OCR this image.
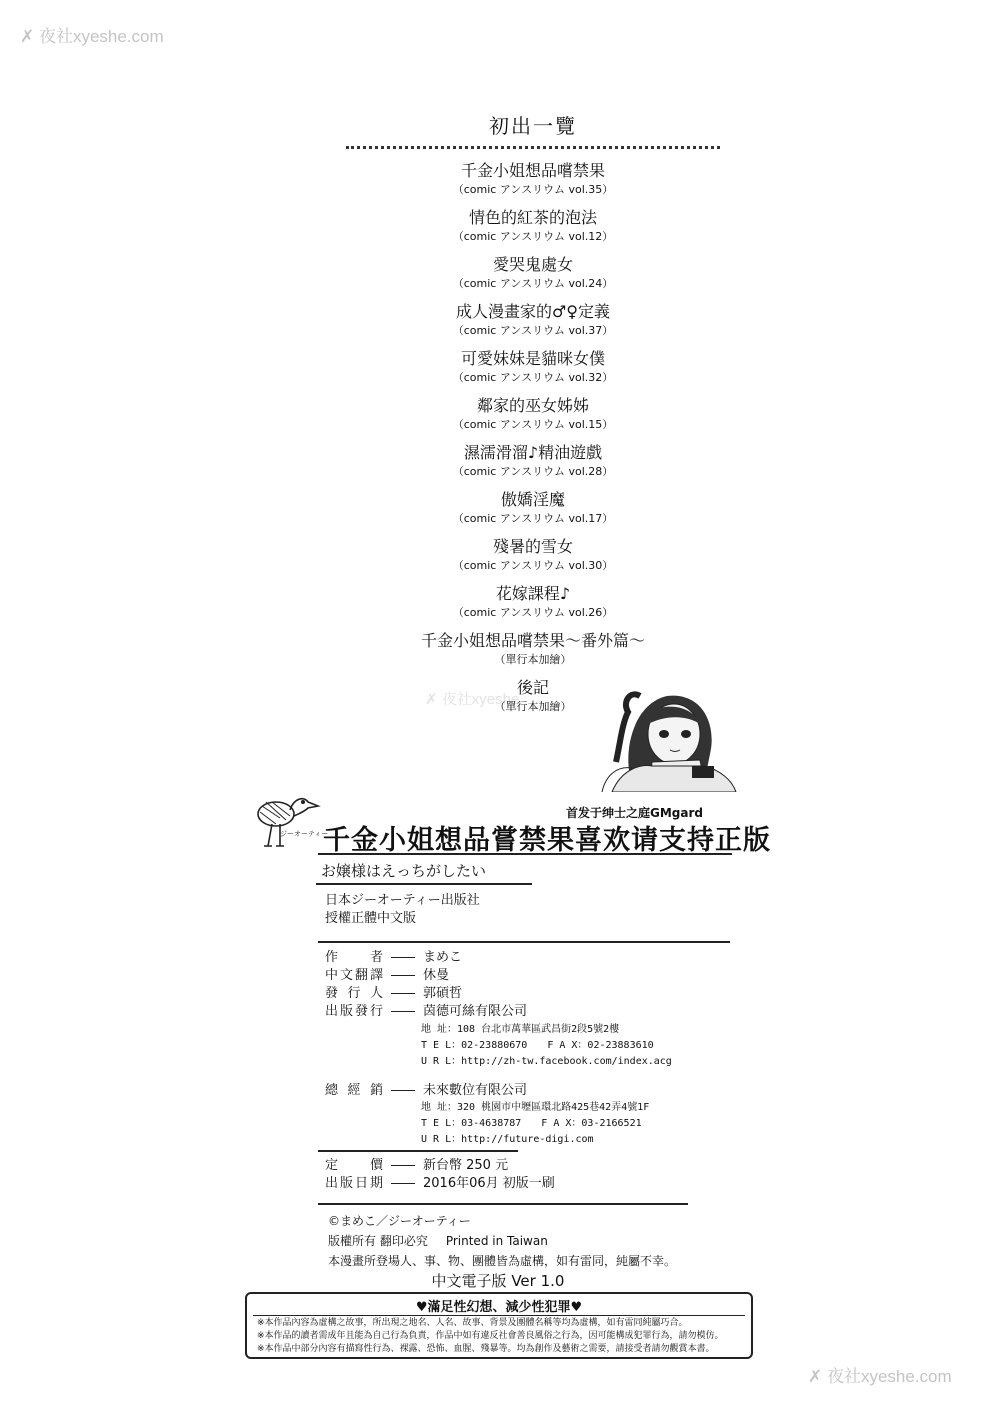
✗ 夜社xyeshe.com
✗ 夜社xyeshe.com
✗ 夜社xyeshe
初出一覽
千金小姐想品嚐禁果
（comic アンスリウム vol.35）
情色的紅茶的泡法
（comic アンスリウム vol.12）
愛哭鬼處女
（comic アンスリウム vol.24）
成人漫畫家的♂♀定義
（comic アンスリウム vol.37）
可愛妹妹是貓咪女僕
（comic アンスリウム vol.32）
鄰家的巫女姊姊
（comic アンスリウム vol.15）
濕濡滑溜♪精油遊戲
（comic アンスリウム vol.28）
傲嬌淫魔
（comic アンスリウム vol.17）
殘暑的雪女
（comic アンスリウム vol.30）
花嫁課程♪
（comic アンスリウム vol.26）
千金小姐想品嚐禁果～番外篇～
（單行本加繪）
後記
（單行本加繪）
ジーオーティー
首发于绅士之庭GMgard
千金小姐想品嘗禁果喜欢请支持正版
お嬢様はえっちがしたい
日本ジーオーティー出版社
授權正體中文版
作　者	まめこ
中文翻譯	休曼
發行人	郭碩哲
出版發行	茵德可絲有限公司
地 址：108 台北市萬華區武昌街2段5號2樓
T E L：02-23880670　　F A X：02-23883610
U R L：http://zh-tw.facebook.com/index.acg
總經銷	未來數位有限公司
地 址：320 桃園市中壢區環北路425巷42弄4號1F
T E L：03-4638787　　F A X：03-2166521
U R L：http://future-digi.com
定　價	新台幣 250 元
出版日期	2016年06月 初版一刷
©まめこ／ジーオーティー
版權所有 翻印必究 Printed in Taiwan
本漫畫所登場人、事、物、團體皆為虛構，如有雷同，純屬不幸。
中文電子版 Ver 1.0
♥滿足性幻想、減少性犯罪♥
※本作品內容為虛構之故事，所出現之地名、人名、故事、背景及團體名稱等均為虛構，如有雷同純屬巧合。
※本作品的讀者需成年且能為自己行為負責，作品中如有違反社會善良風俗之行為，因可能構成犯罪行為，請勿模仿。
※本作品中部分內容有描寫性行為、裸露、恐怖、血腥、殘暴等。均為創作及藝術之需要，請接受者請勿觀賞本書。
